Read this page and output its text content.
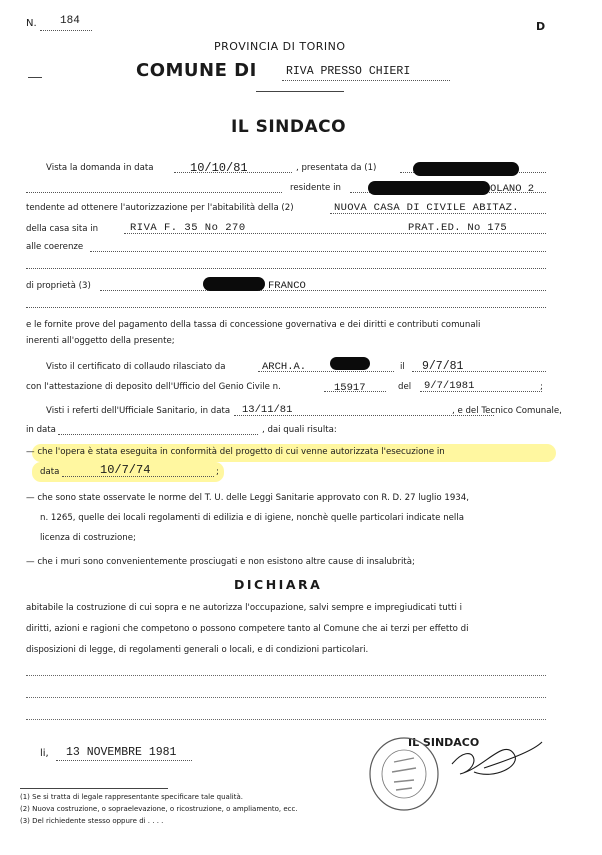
N. 184	D
PROVINCIA DI TORINO
COMUNE DI	RIVA PRESSO CHIERI
IL SINDACO
Vista la domanda in data	10/10/81	, presentata da (1)
residente in	OLANO 2
tendente ad ottenere l'autorizzazione per l'abitabilità della (2)	NUOVA CASA DI CIVILE ABITAZ.
della casa sita in	RIVA F. 35 No 270	PRAT.ED. No 175
alle coerenze
di proprietà (3)	FRANCO
e le fornite prove del pagamento della tassa di concessione governativa e dei diritti e contributi comunali
inerenti all'oggetto della presente;
Visto il certificato di collaudo rilasciato da	ARCH.A.	il 9/7/81
con l'attestazione di deposito dell'Ufficio del Genio Civile n.	15917	del 9/7/1981	;
Visti i referti dell'Ufficiale Sanitario, in data 13/11/81	, e del Tecnico Comunale,
in data	, dai quali risulta:
— che l'opera è stata eseguita in conformità del progetto di cui venne autorizzata l'esecuzione in
data	10/7/74	;
— che sono state osservate le norme del T. U. delle Leggi Sanitarie approvato con R. D. 27 luglio 1934,
n. 1265, quelle dei locali regolamenti di edilizia e di igiene, nonchè quelle particolari indicate nella
licenza di costruzione;
— che i muri sono convenientemente prosciugati e non esistono altre cause di insalubrità;
DICHIARA
abitabile la costruzione di cui sopra e ne autorizza l'occupazione, salvi sempre e impregiudicati tutti i
diritti, azioni e ragioni che competono o possono competere tanto al Comune che ai terzi per effetto di
disposizioni di legge, di regolamenti generali o locali, e di condizioni particolari.
li, 13 NOVEMBRE 1981
IL SINDACO
(1) Se si tratta di legale rappresentante specificare tale qualità.
(2) Nuova costruzione, o sopraelevazione, o ricostruzione, o ampliamento, ecc.
(3) Del richiedente stesso oppure di . . . .
